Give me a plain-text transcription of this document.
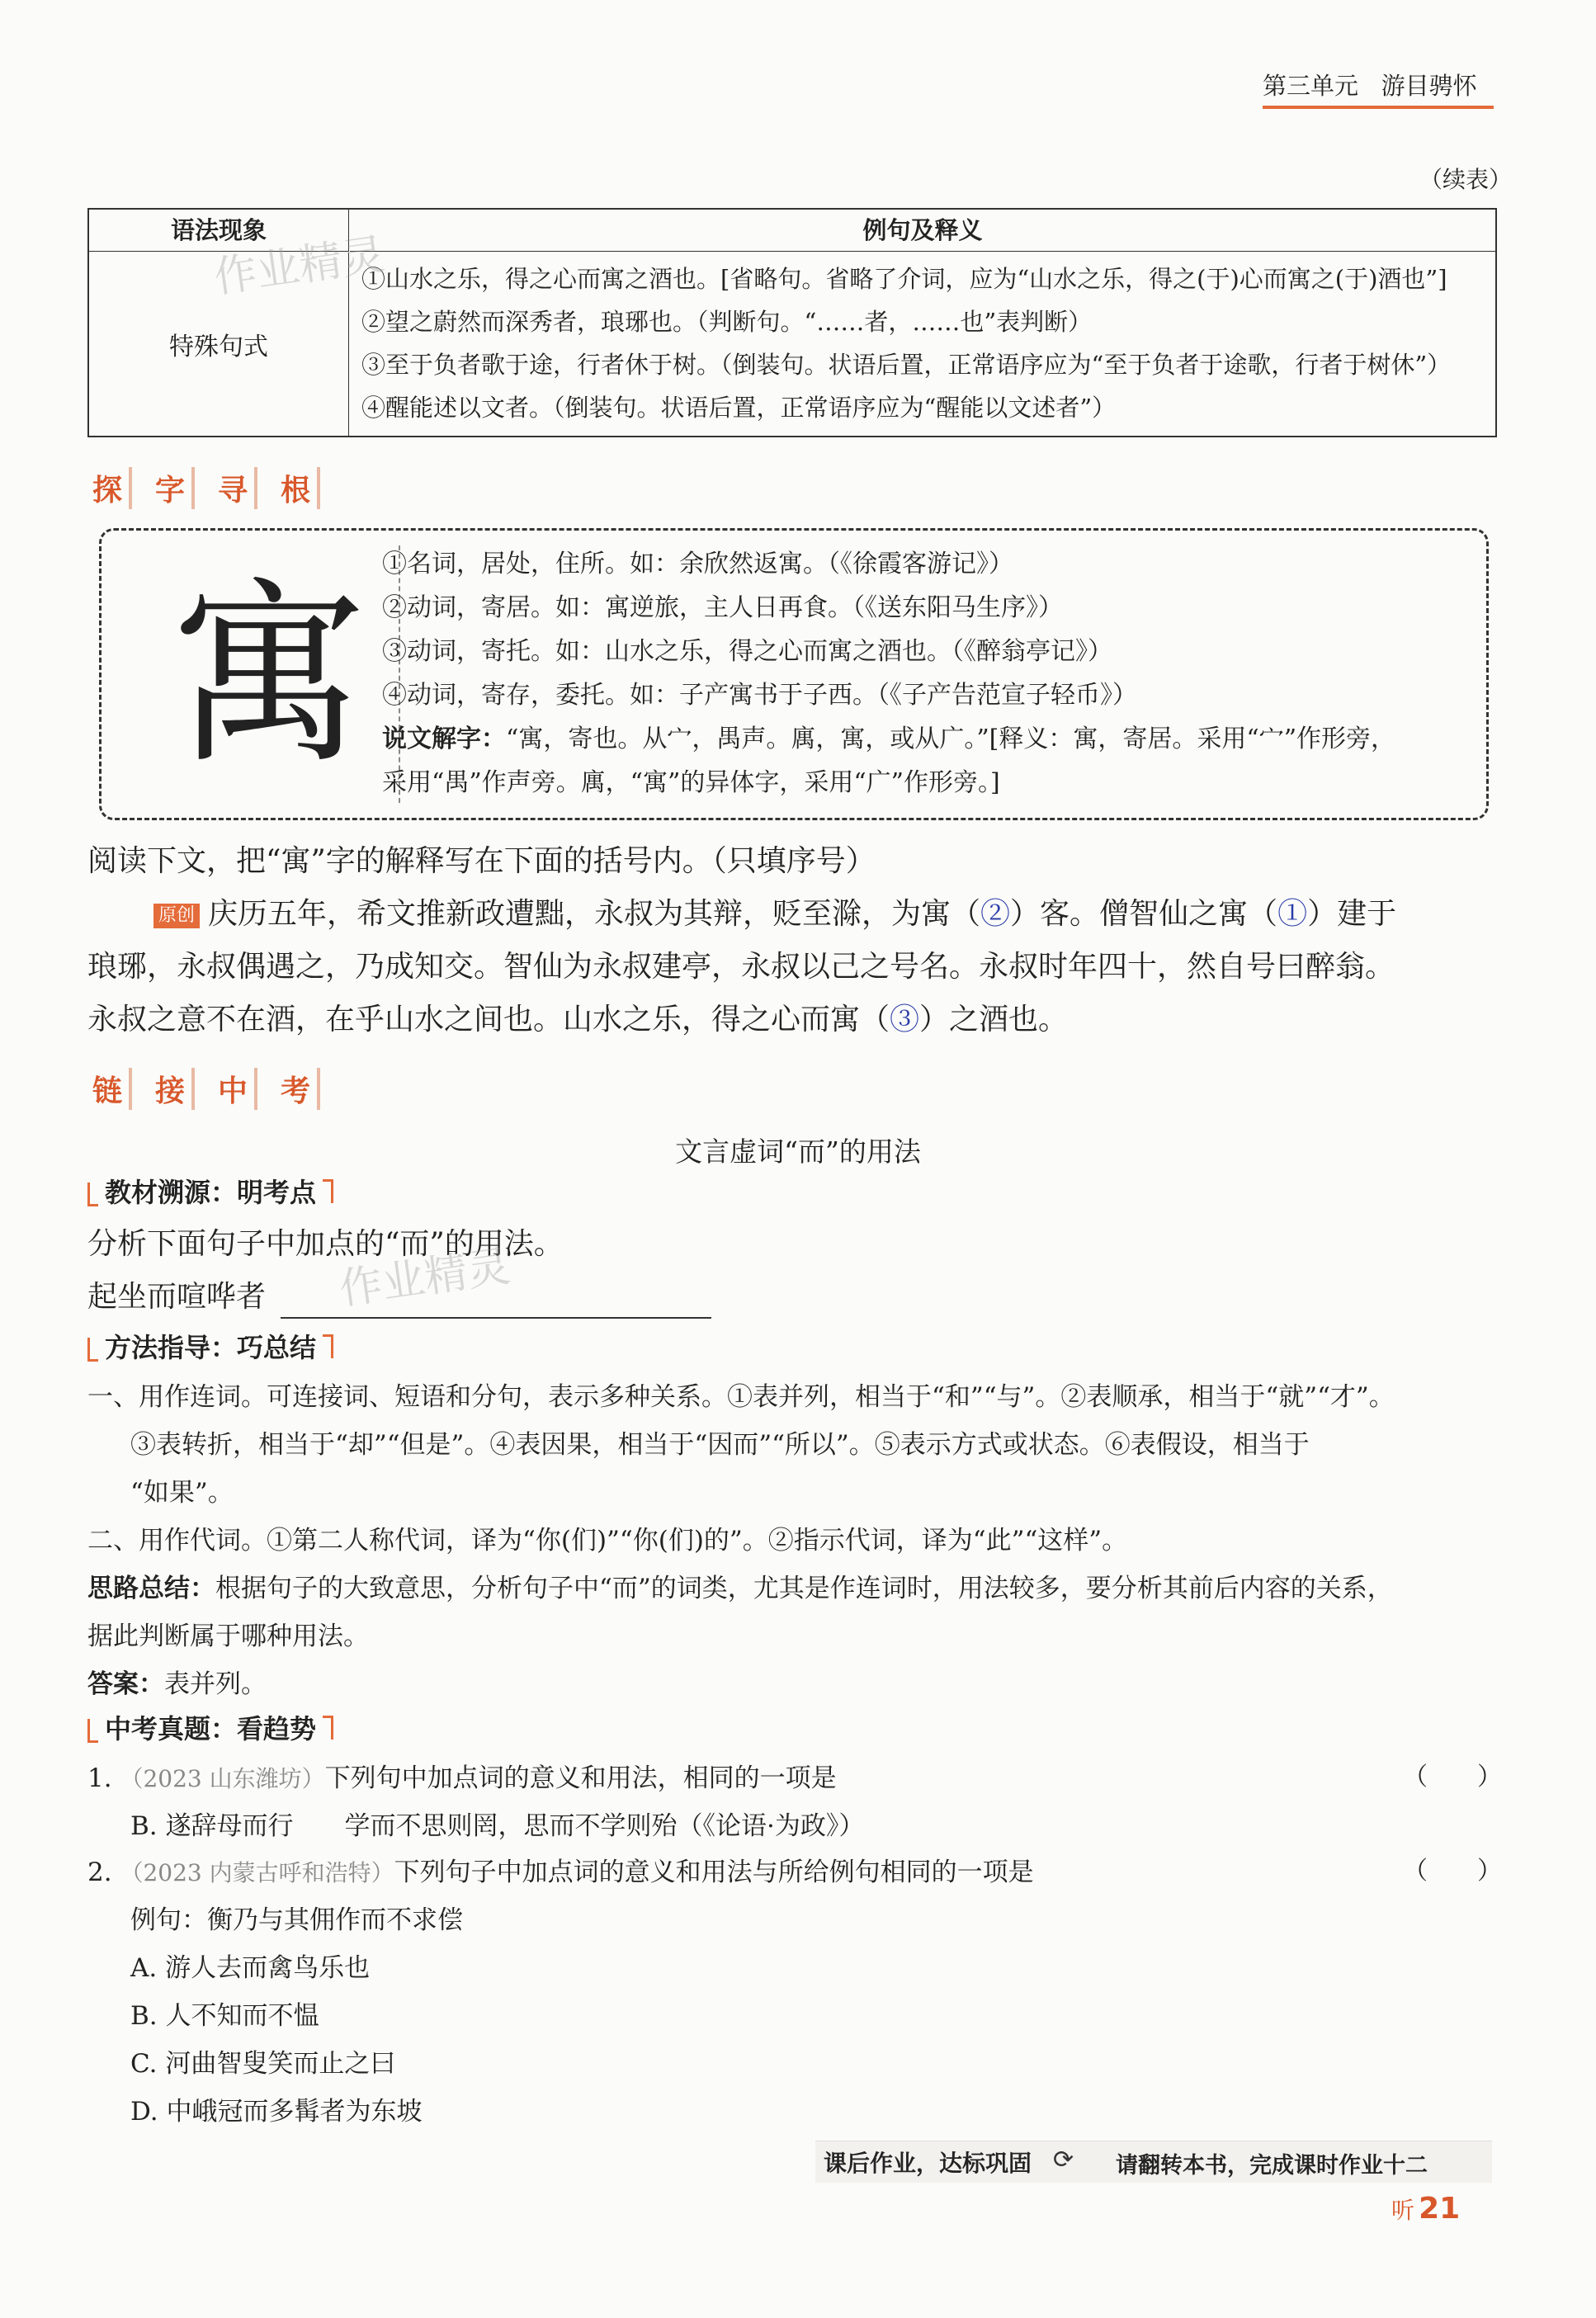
第三单元 游目骋怀
（续表）
语法现象	例句及释义
特殊句式
①山水之乐，得之心而寓之酒也。[省略句。省略了介词，应为“山水之乐，得之(于)心而寓之(于)酒也”]
②望之蔚然而深秀者，琅琊也。（判断句。“……者，……也”表判断）
③至于负者歌于途，行者休于树。（倒装句。状语后置，正常语序应为“至于负者于途歌，行者于树休”）
④醒能述以文者。（倒装句。状语后置，正常语序应为“醒能以文述者”）
作业精灵
探 字 寻 根
寓 ①名词，居处，住所。如：余欣然返寓。（《徐霞客游记》）
②动词，寄居。如：寓逆旅，主人日再食。（《送东阳马生序》）
③动词，寄托。如：山水之乐，得之心而寓之酒也。（《醉翁亭记》）
④动词，寄存，委托。如：子产寓书于子西。（《子产告范宣子轻币》）
说文解字：“寓，寄也。从宀，禺声。庽，寓，或从广。”[释义：寓，寄居。采用“宀”作形旁，
采用“禺”作声旁。庽，“寓”的异体字，采用“广”作形旁。]
阅读下文，把“寓”字的解释写在下面的括号内。（只填序号）
原创 庆历五年，希文推新政遭黜，永叔为其辩，贬至滁，为寓（②）客。僧智仙之寓（①）建于
琅琊，永叔偶遇之，乃成知交。智仙为永叔建亭，永叔以己之号名。永叔时年四十，然自号曰醉翁。
永叔之意不在酒，在乎山水之间也。山水之乐，得之心而寓（③）之酒也。
链 接 中 考
文言虚词“而”的用法
教材溯源：明考点
分析下面句子中加点的“而”的用法。
起坐而喧哗者 作业精灵
方法指导：巧总结
一、用作连词。可连接词、短语和分句，表示多种关系。①表并列，相当于“和”“与”。②表顺承，相当于“就”“才”。
③表转折，相当于“却”“但是”。④表因果，相当于“因而”“所以”。⑤表示方式或状态。⑥表假设，相当于
“如果”。
二、用作代词。①第二人称代词，译为“你(们)”“你(们)的”。②指示代词，译为“此”“这样”。
思路总结：根据句子的大致意思，分析句子中“而”的词类，尤其是作连词时，用法较多，要分析其前后内容的关系，
据此判断属于哪种用法。
答案：表并列。
中考真题：看趋势
1. （2023 山东潍坊）下列句中加点词的意义和用法，相同的一项是	（　　）
B. 遂辞母而行　　学而不思则罔，思而不学则殆（《论语·为政》）
2. （2023 内蒙古呼和浩特）下列句子中加点词的意义和用法与所给例句相同的一项是	（　　）
例句：衡乃与其佣作而不求偿
A. 游人去而禽鸟乐也
B. 人不知而不愠
C. 河曲智叟笑而止之曰
D. 中峨冠而多髯者为东坡
课后作业，达标巩固 ⟳ 请翻转本书，完成课时作业十二
听 21
